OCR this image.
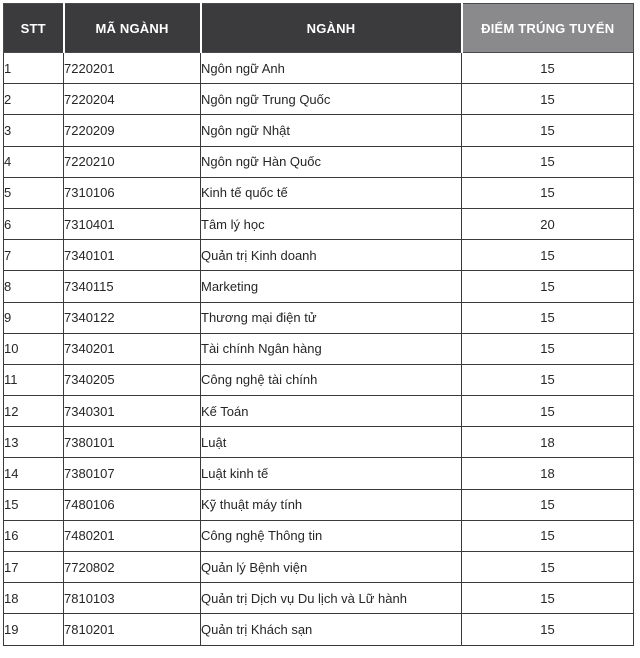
STT	MÃ NGÀNH	NGÀNH	ĐIỂM TRÚNG TUYỂN
1	7220201	Ngôn ngữ Anh	15
2	7220204	Ngôn ngữ Trung Quốc	15
3	7220209	Ngôn ngữ Nhật	15
4	7220210	Ngôn ngữ Hàn Quốc	15
5	7310106	Kinh tế quốc tế	15
6	7310401	Tâm lý học	20
7	7340101	Quản trị Kinh doanh	15
8	7340115	Marketing	15
9	7340122	Thương mại điện tử	15
10	7340201	Tài chính Ngân hàng	15
11	7340205	Công nghệ tài chính	15
12	7340301	Kế Toán	15
13	7380101	Luật	18
14	7380107	Luật kinh tế	18
15	7480106	Kỹ thuật máy tính	15
16	7480201	Công nghệ Thông tin	15
17	7720802	Quản lý Bệnh viện	15
18	7810103	Quản trị Dịch vụ Du lịch và Lữ hành	15
19	7810201	Quản trị Khách sạn	15
